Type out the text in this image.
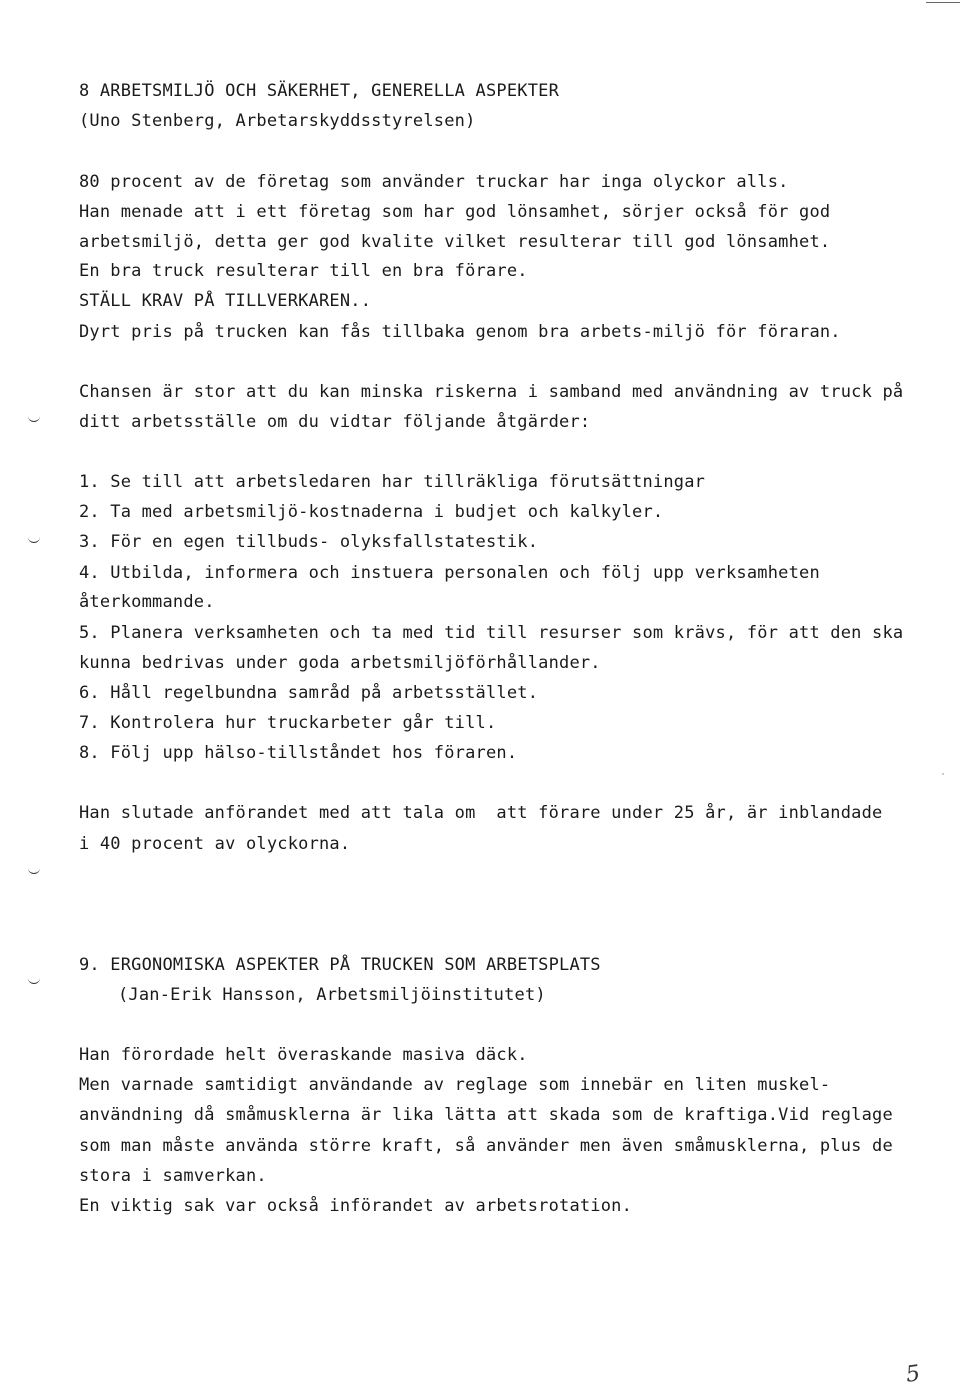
8 ARBETSMILJÖ OCH SÄKERHET, GENERELLA ASPEKTER
(Uno Stenberg, Arbetarskyddsstyrelsen)
80 procent av de företag som använder truckar har inga olyckor alls.
Han menade att i ett företag som har god lönsamhet, sörjer också för god
arbetsmiljö, detta ger god kvalite vilket resulterar till god lönsamhet.
En bra truck resulterar till en bra förare.
STÄLL KRAV PÅ TILLVERKAREN..
Dyrt pris på trucken kan fås tillbaka genom bra arbets-miljö för föraran.
Chansen är stor att du kan minska riskerna i samband med användning av truck på
ditt arbetsställe om du vidtar följande åtgärder:
1. Se till att arbetsledaren har tillräkliga förutsättningar
2. Ta med arbetsmiljö-kostnaderna i budjet och kalkyler.
3. För en egen tillbuds- olyksfallstatestik.
4. Utbilda, informera och instuera personalen och följ upp verksamheten
återkommande.
5. Planera verksamheten och ta med tid till resurser som krävs, för att den ska
kunna bedrivas under goda arbetsmiljöförhållander.
6. Håll regelbundna samråd på arbetsstället.
7. Kontrolera hur truckarbeter går till.
8. Följ upp hälso-tillståndet hos föraren.
Han slutade anförandet med att tala om  att förare under 25 år, är inblandade
i 40 procent av olyckorna.
9. ERGONOMISKA ASPEKTER PÅ TRUCKEN SOM ARBETSPLATS
(Jan-Erik Hansson, Arbetsmiljöinstitutet)
Han förordade helt överaskande masiva däck.
Men varnade samtidigt användande av reglage som innebär en liten muskel-
användning då småmusklerna är lika lätta att skada som de kraftiga.Vid reglage
som man måste använda större kraft, så använder men även småmusklerna, plus de
stora i samverkan.
En viktig sak var också införandet av arbetsrotation.
5
